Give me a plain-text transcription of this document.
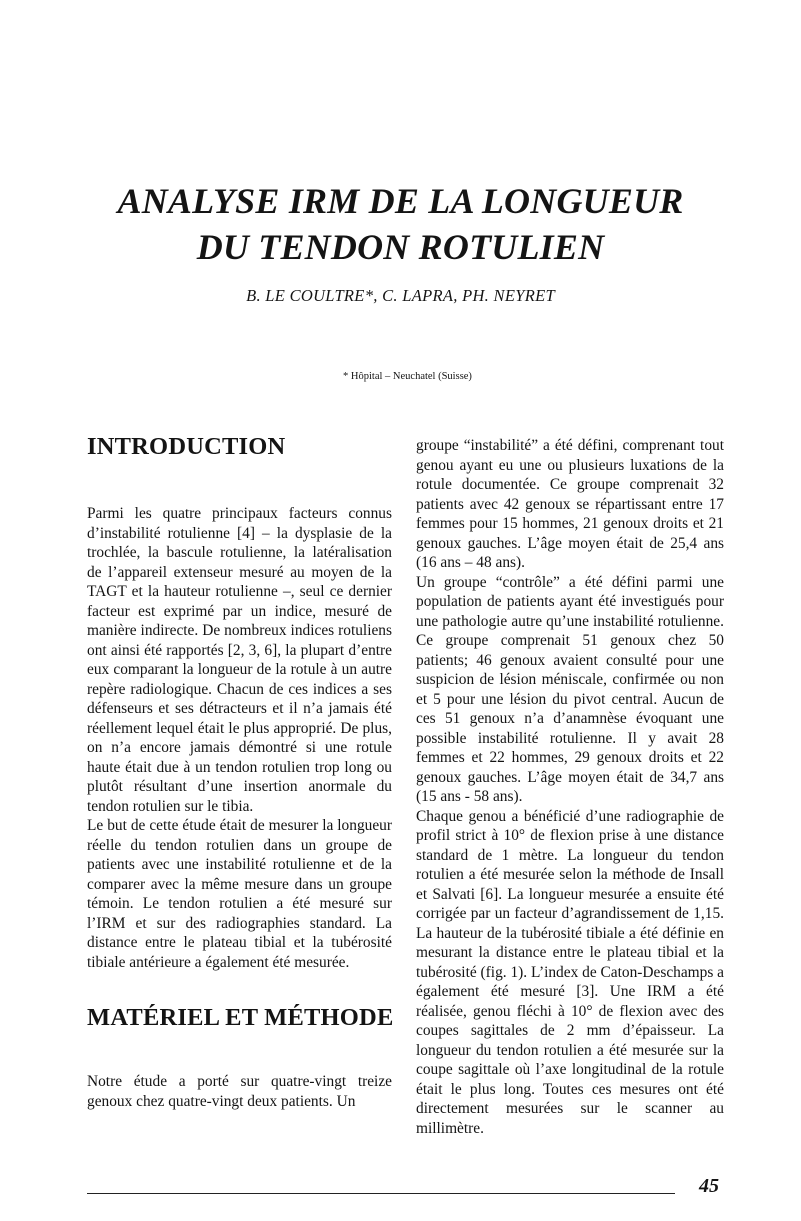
ANALYSE IRM DE LA LONGUEUR
DU TENDON ROTULIEN
B. LE COULTRE*, C. LAPRA, PH. NEYRET
* Hôpital – Neuchatel (Suisse)
INTRODUCTION

Parmi les quatre principaux facteurs connus d’instabilité rotulienne [4] – la dysplasie de la trochlée, la bascule rotulienne, la latéralisation de l’appareil extenseur mesuré au moyen de la TAGT et la hauteur rotulienne –, seul ce dernier facteur est exprimé par un indice, mesuré de manière indirecte. De nombreux indices rotuliens ont ainsi été rapportés [2, 3, 6], la plupart d’entre eux comparant la longueur de la rotule à un autre repère radiologique. Chacun de ces indices a ses défenseurs et ses détracteurs et il n’a jamais été réellement lequel était le plus approprié. De plus, on n’a encore jamais démontré si une rotule haute était due à un tendon rotulien trop long ou plutôt résultant d’une insertion anormale du tendon rotulien sur le tibia.

Le but de cette étude était de mesurer la longueur réelle du tendon rotulien dans un groupe de patients avec une instabilité rotulienne et de la comparer avec la même mesure dans un groupe témoin. Le tendon rotulien a été mesuré sur l’IRM et sur des radiographies standard. La distance entre le plateau tibial et la tubérosité tibiale antérieure a également été mesurée.

MATÉRIEL ET MÉTHODE

Notre étude a porté sur quatre-vingt treize genoux chez quatre-vingt deux patients. Un

groupe “instabilité” a été défini, comprenant tout genou ayant eu une ou plusieurs luxations de la rotule documentée. Ce groupe comprenait 32 patients avec 42 genoux se répartissant entre 17 femmes pour 15 hommes, 21 genoux droits et 21 genoux gauches. L’âge moyen était de 25,4 ans (16 ans – 48 ans).

Un groupe “contrôle” a été défini parmi une population de patients ayant été investigués pour une pathologie autre qu’une instabilité rotulienne. Ce groupe comprenait 51 genoux chez 50 patients; 46 genoux avaient consulté pour une suspicion de lésion méniscale, confirmée ou non et 5 pour une lésion du pivot central. Aucun de ces 51 genoux n’a d’anamnèse évoquant une possible instabilité rotulienne. Il y avait 28 femmes et 22 hommes, 29 genoux droits et 22 genoux gauches. L’âge moyen était de 34,7 ans (15 ans - 58 ans).

Chaque genou a bénéficié d’une radiographie de profil strict à 10° de flexion prise à une distance standard de 1 mètre. La longueur du tendon rotulien a été mesurée selon la méthode de Insall et Salvati [6]. La longueur mesurée a ensuite été corrigée par un facteur d’agrandissement de 1,15. La hauteur de la tubérosité tibiale a été définie en mesurant la distance entre le plateau tibial et la tubérosité (fig. 1). L’index de Caton-Deschamps a également été mesuré [3]. Une IRM a été réalisée, genou fléchi à 10° de flexion avec des coupes sagittales de 2 mm d’épaisseur. La longueur du tendon rotulien a été mesurée sur la coupe sagittale où l’axe longitudinal de la rotule était le plus long. Toutes ces mesures ont été directement mesurées sur le scanner au millimètre.

45
